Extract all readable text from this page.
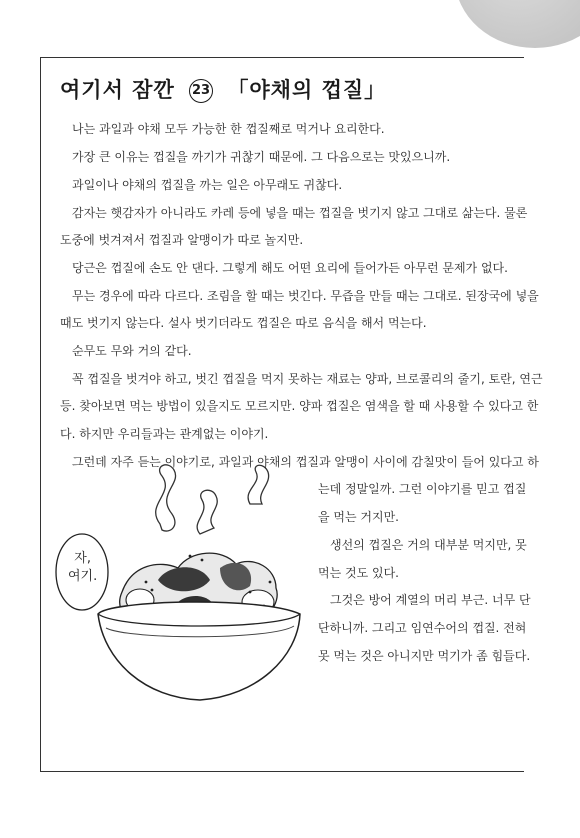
여기서 잠깐 23 「야채의 껍질」
나는 과일과 야채 모두 가능한 한 껍질째로 먹거나 요리한다.
가장 큰 이유는 껍질을 까기가 귀찮기 때문에. 그 다음으로는 맛있으니까.
과일이나 야채의 껍질을 까는 일은 아무래도 귀찮다.
감자는 햇감자가 아니라도 카레 등에 넣을 때는 껍질을 벗기지 않고 그대로 삶는다. 물론
도중에 벗겨져서 껍질과 알맹이가 따로 놀지만.
당근은 껍질에 손도 안 댄다. 그렇게 해도 어떤 요리에 들어가든 아무런 문제가 없다.
무는 경우에 따라 다르다. 조림을 할 때는 벗긴다. 무즙을 만들 때는 그대로. 된장국에 넣을
때도 벗기지 않는다. 설사 벗기더라도 껍질은 따로 음식을 해서 먹는다.
순무도 무와 거의 같다.
꼭 껍질을 벗겨야 하고, 벗긴 껍질을 먹지 못하는 재료는 양파, 브로콜리의 줄기, 토란, 연근
등. 찾아보면 먹는 방법이 있을지도 모르지만. 양파 껍질은 염색을 할 때 사용할 수 있다고 한
다. 하지만 우리들과는 관계없는 이야기.
그런데 자주 듣는 이야기로, 과일과 야채의 껍질과 알맹이 사이에 감칠맛이 들어 있다고 하
는데 정말일까. 그런 이야기를 믿고 껍질
을 먹는 거지만.
생선의 껍질은 거의 대부분 먹지만, 못
먹는 것도 있다.
그것은 방어 계열의 머리 부근. 너무 단
단하니까. 그리고 임연수어의 껍질. 전혀
못 먹는 것은 아니지만 먹기가 좀 힘들다.
자,
여기.
